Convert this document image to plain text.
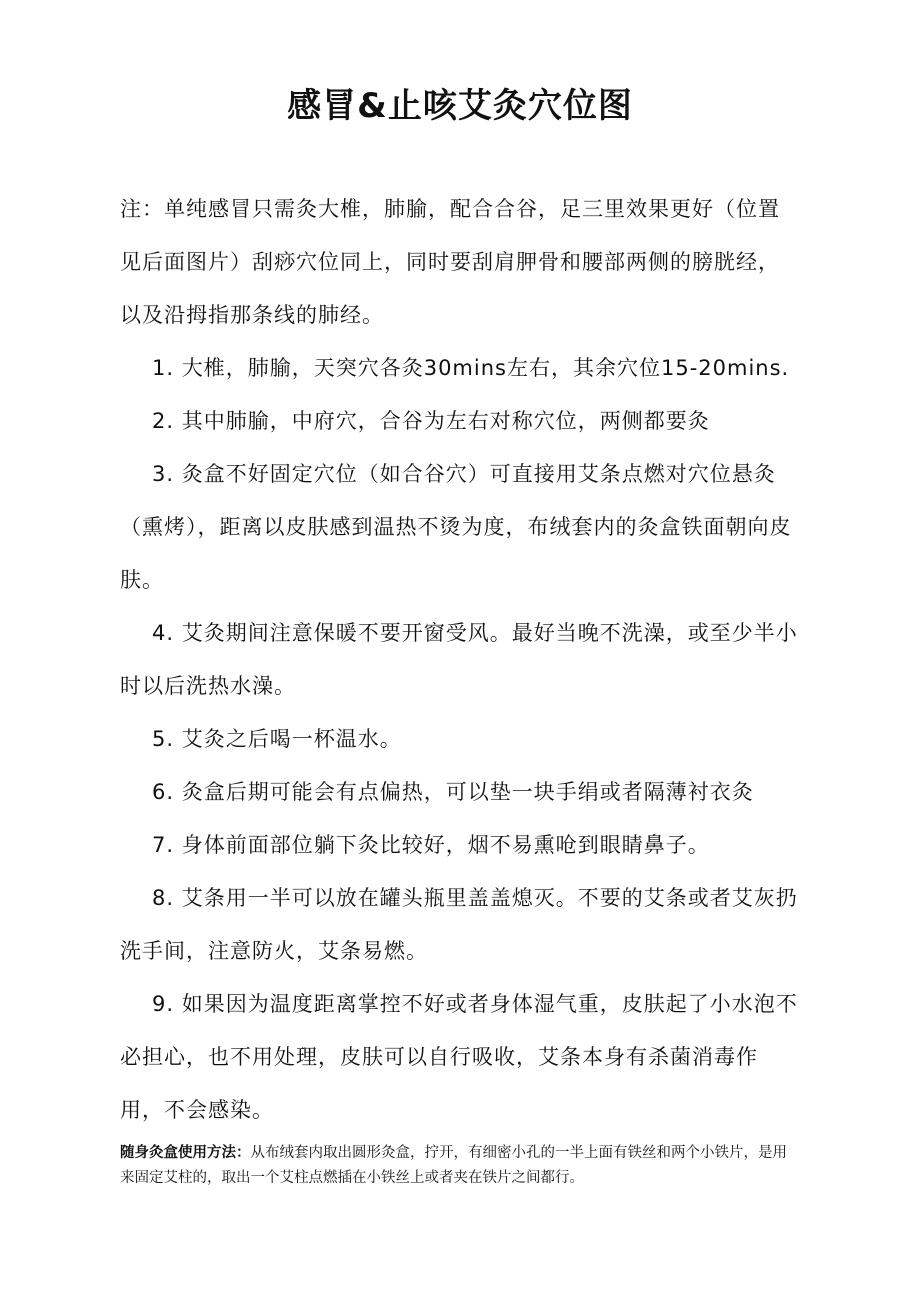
感冒&止咳艾灸穴位图

注：单纯感冒只需灸大椎，肺腧，配合合谷，足三里效果更好（位置见后面图片）刮痧穴位同上，同时要刮肩胛骨和腰部两侧的膀胱经，以及沿拇指那条线的肺经。

1. 大椎，肺腧，天突穴各灸30mins左右，其余穴位15-20mins.
2. 其中肺腧，中府穴，合谷为左右对称穴位，两侧都要灸
3. 灸盒不好固定穴位（如合谷穴）可直接用艾条点燃对穴位悬灸（熏烤），距离以皮肤感到温热不烫为度，布绒套内的灸盒铁面朝向皮肤。
4. 艾灸期间注意保暖不要开窗受风。最好当晚不洗澡，或至少半小时以后洗热水澡。
5. 艾灸之后喝一杯温水。
6. 灸盒后期可能会有点偏热，可以垫一块手绢或者隔薄衬衣灸
7. 身体前面部位躺下灸比较好，烟不易熏呛到眼睛鼻子。
8. 艾条用一半可以放在罐头瓶里盖盖熄灭。不要的艾条或者艾灰扔洗手间，注意防火，艾条易燃。
9. 如果因为温度距离掌控不好或者身体湿气重，皮肤起了小水泡不必担心，也不用处理，皮肤可以自行吸收，艾条本身有杀菌消毒作用，不会感染。

随身灸盒使用方法：从布绒套内取出圆形灸盒，拧开，有细密小孔的一半上面有铁丝和两个小铁片，是用来固定艾柱的，取出一个艾柱点燃插在小铁丝上或者夹在铁片之间都行。
